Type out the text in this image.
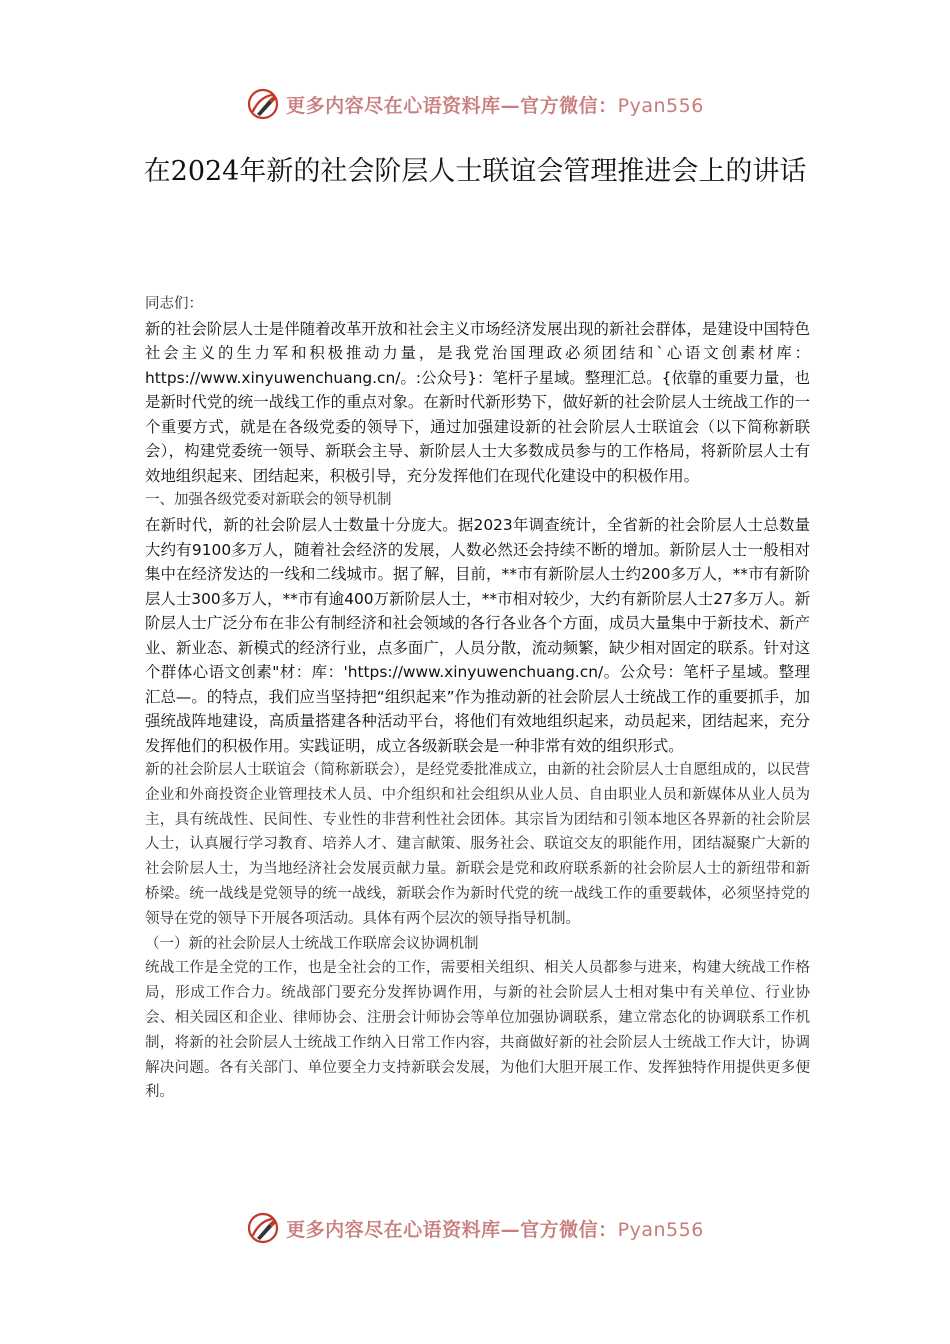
更多内容尽在心语资料库—官方微信：Pyan556
在2024年新的社会阶层人士联谊会管理推进会上的讲话

同志们：

新的社会阶层人士是伴随着改革开放和社会主义市场经济发展出现的新社会群体，是建设中国特色社会主义的生力军和积极推动力量，是我党治国理政必须团结和`心语文创素材库：https://www.xinyuwenchuang.cn/。:公众号}：笔杆子星域。整理汇总。{依靠的重要力量，也是新时代党的统一战线工作的重点对象。在新时代新形势下，做好新的社会阶层人士统战工作的一个重要方式，就是在各级党委的领导下，通过加强建设新的社会阶层人士联谊会（以下简称新联会），构建党委统一领导、新联会主导、新阶层人士大多数成员参与的工作格局，将新阶层人士有效地组织起来、团结起来，积极引导，充分发挥他们在现代化建设中的积极作用。

一、加强各级党委对新联会的领导机制

在新时代，新的社会阶层人士数量十分庞大。据2023年调查统计，全省新的社会阶层人士总数量大约有9100多万人，随着社会经济的发展，人数必然还会持续不断的增加。新阶层人士一般相对集中在经济发达的一线和二线城市。据了解，目前，**市有新阶层人士约200多万人，**市有新阶层人士300多万人，**市有逾400万新阶层人士，**市相对较少，大约有新阶层人士27多万人。新阶层人士广泛分布在非公有制经济和社会领域的各行各业各个方面，成员大量集中于新技术、新产业、新业态、新模式的经济行业，点多面广，人员分散，流动频繁，缺少相对固定的联系。针对这个群体心语文创素"材：库：'https://www.xinyuwenchuang.cn/。公众号：笔杆子星域。整理汇总—。的特点，我们应当坚持把“组织起来”作为推动新的社会阶层人士统战工作的重要抓手，加强统战阵地建设，高质量搭建各种活动平台，将他们有效地组织起来，动员起来，团结起来，充分发挥他们的积极作用。实践证明，成立各级新联会是一种非常有效的组织形式。

新的社会阶层人士联谊会（简称新联会），是经党委批准成立，由新的社会阶层人士自愿组成的，以民营企业和外商投资企业管理技术人员、中介组织和社会组织从业人员、自由职业人员和新媒体从业人员为主，具有统战性、民间性、专业性的非营利性社会团体。其宗旨为团结和引领本地区各界新的社会阶层人士，认真履行学习教育、培养人才、建言献策、服务社会、联谊交友的职能作用，团结凝聚广大新的社会阶层人士，为当地经济社会发展贡献力量。新联会是党和政府联系新的社会阶层人士的新纽带和新桥梁。统一战线是党领导的统一战线，新联会作为新时代党的统一战线工作的重要载体，必须坚持党的领导在党的领导下开展各项活动。具体有两个层次的领导指导机制。

（一）新的社会阶层人士统战工作联席会议协调机制

统战工作是全党的工作，也是全社会的工作，需要相关组织、相关人员都参与进来，构建大统战工作格局，形成工作合力。统战部门要充分发挥协调作用，与新的社会阶层人士相对集中有关单位、行业协会、相关园区和企业、律师协会、注册会计师协会等单位加强协调联系，建立常态化的协调联系工作机制，将新的社会阶层人士统战工作纳入日常工作内容，共商做好新的社会阶层人士统战工作大计，协调解决问题。各有关部门、单位要全力支持新联会发展，为他们大胆开展工作、发挥独特作用提供更多便利。

更多内容尽在心语资料库—官方微信：Pyan556
